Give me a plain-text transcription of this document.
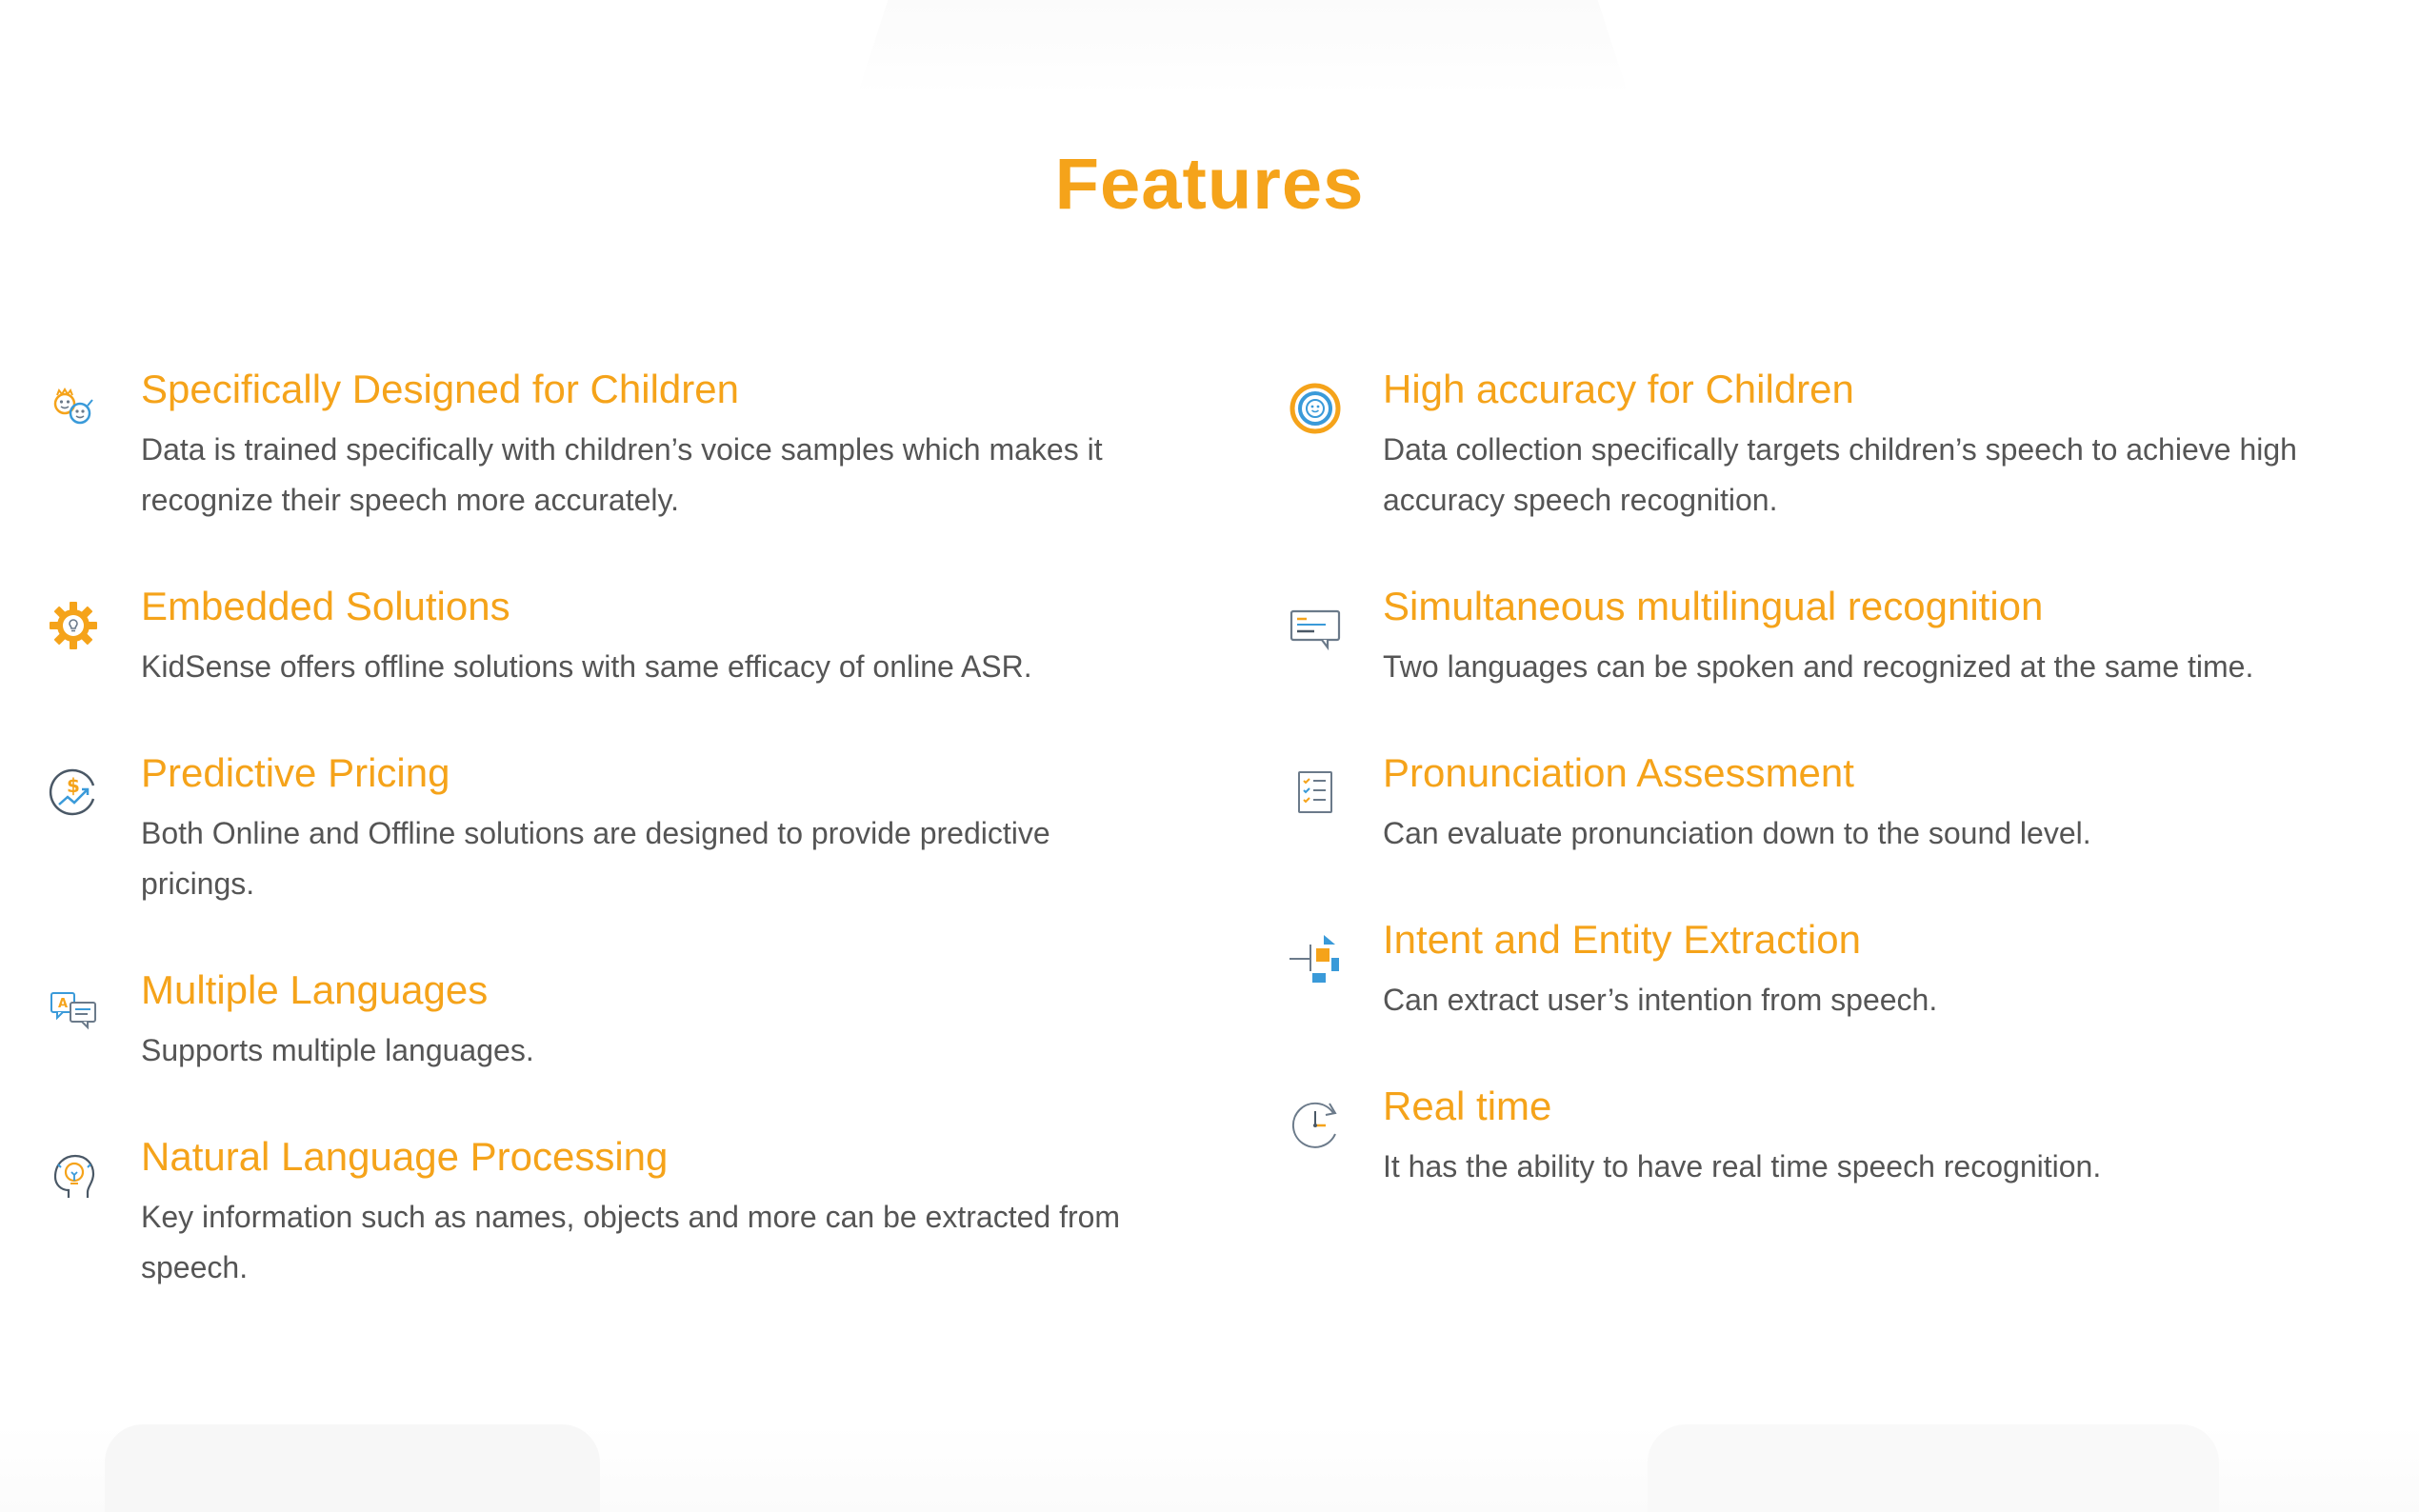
Features
Specifically Designed for Children

Data is trained specifically with children’s voice samples which makes it recognize their speech more accurately.

Embedded Solutions

KidSense offers offline solutions with same efficacy of online ASR.

$ Predictive Pricing

Both Online and Offline solutions are designed to provide predictive pricings.

A Multiple Languages

Supports multiple languages.

Natural Language Processing

Key information such as names, objects and more can be extracted from speech.

High accuracy for Children

Data collection specifically targets children’s speech to achieve high accuracy speech recognition.

Simultaneous multilingual recognition

Two languages can be spoken and recognized at the same time.

Pronunciation Assessment

Can evaluate pronunciation down to the sound level.

Intent and Entity Extraction

Can extract user’s intention from speech.

Real time

It has the ability to have real time speech recognition.
